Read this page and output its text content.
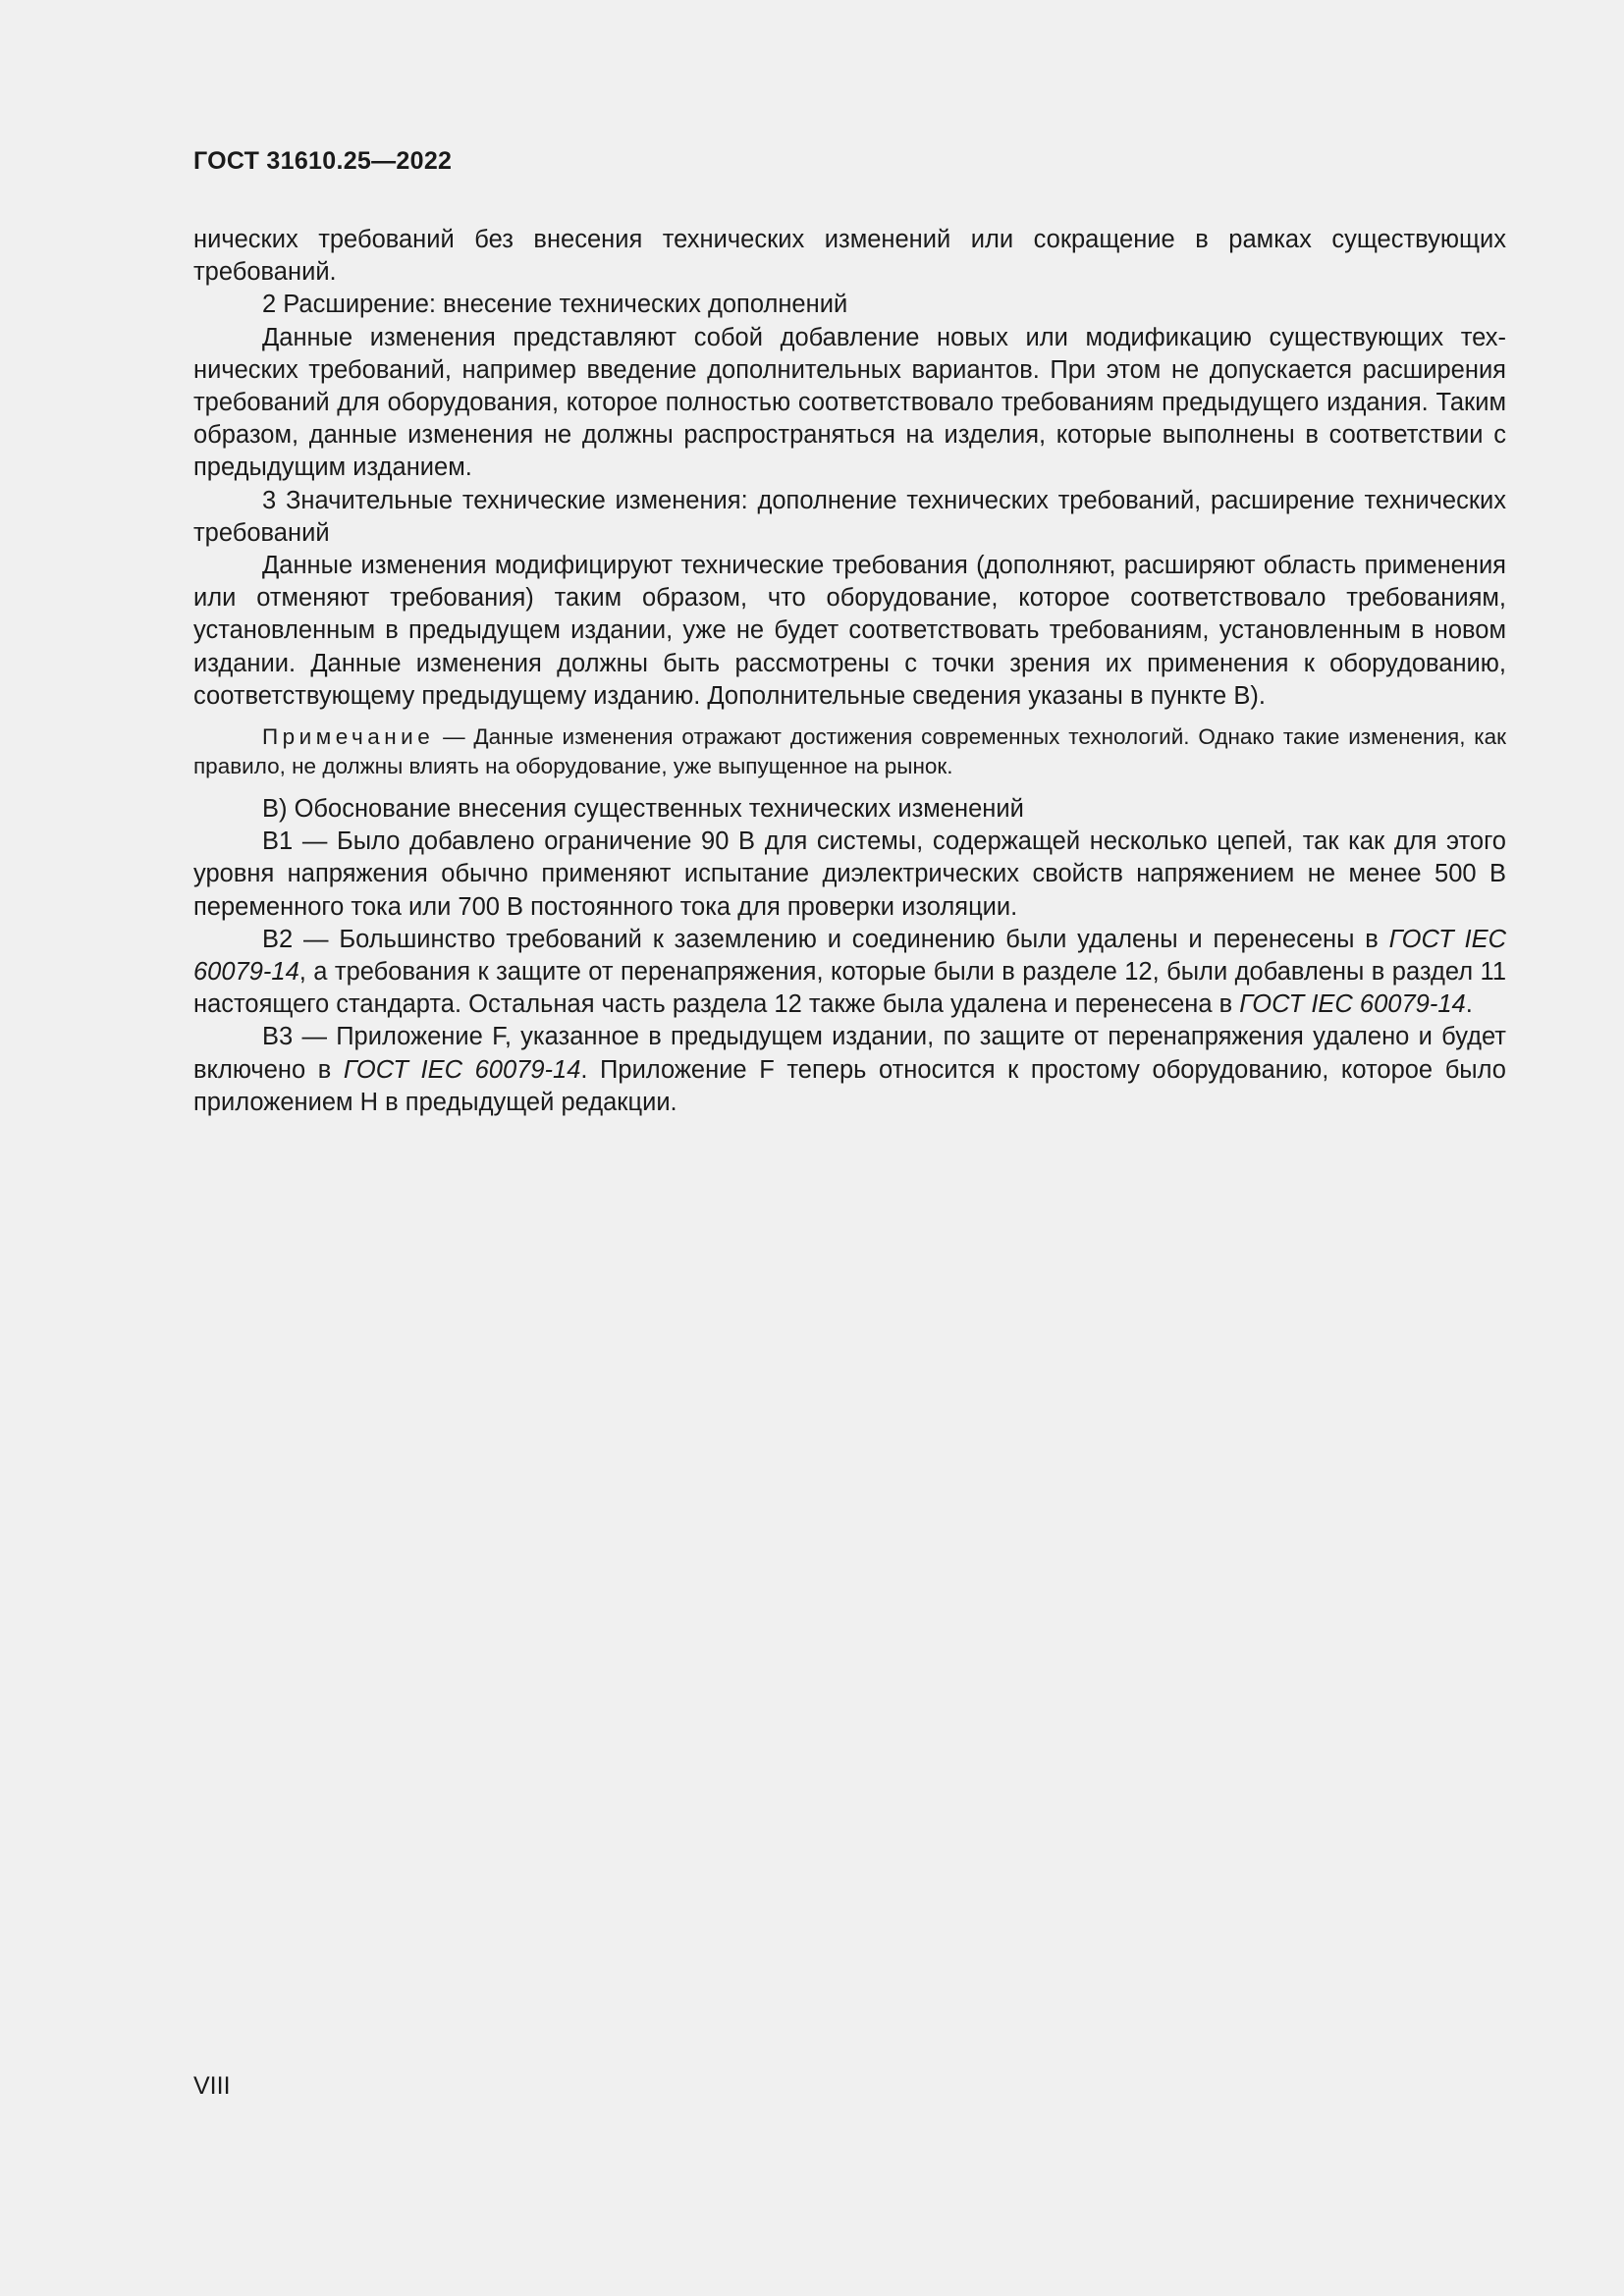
ГОСТ 31610.25—2022

нических требований без внесения технических изменений или сокращение в рамках существующих требований.

2 Расширение: внесение технических дополнений

Данные изменения представляют собой добавление новых или модификацию существующих технических требований, например введение дополнительных вариантов. При этом не допускается расширения требований для оборудования, которое полностью соответствовало требованиям предыдущего издания. Таким образом, данные изменения не должны распространяться на изделия, которые выполнены в соответствии с предыдущим изданием.

3 Значительные технические изменения: дополнение технических требований, расширение технических требований

Данные изменения модифицируют технические требования (дополняют, расширяют область применения или отменяют требования) таким образом, что оборудование, которое соответствовало требованиям, установленным в предыдущем издании, уже не будет соответствовать требованиям, установленным в новом издании. Данные изменения должны быть рассмотрены с точки зрения их применения к оборудованию, соответствующему предыдущему изданию. Дополнительные сведения указаны в пункте В).

Примечание — Данные изменения отражают достижения современных технологий. Однако такие изменения, как правило, не должны влиять на оборудование, уже выпущенное на рынок.

В) Обоснование внесения существенных технических изменений

В1 — Было добавлено ограничение 90 В для системы, содержащей несколько цепей, так как для этого уровня напряжения обычно применяют испытание диэлектрических свойств напряжением не менее 500 В переменного тока или 700 В постоянного тока для проверки изоляции.

В2 — Большинство требований к заземлению и соединению были удалены и перенесены в ГОСТ IEC 60079-14, а требования к защите от перенапряжения, которые были в разделе 12, были добавлены в раздел 11 настоящего стандарта. Остальная часть раздела 12 также была удалена и перенесена в ГОСТ IEC 60079-14.

В3 — Приложение F, указанное в предыдущем издании, по защите от перенапряжения удалено и будет включено в ГОСТ IEC 60079-14. Приложение F теперь относится к простому оборудованию, которое было приложением Н в предыдущей редакции.

VIII
